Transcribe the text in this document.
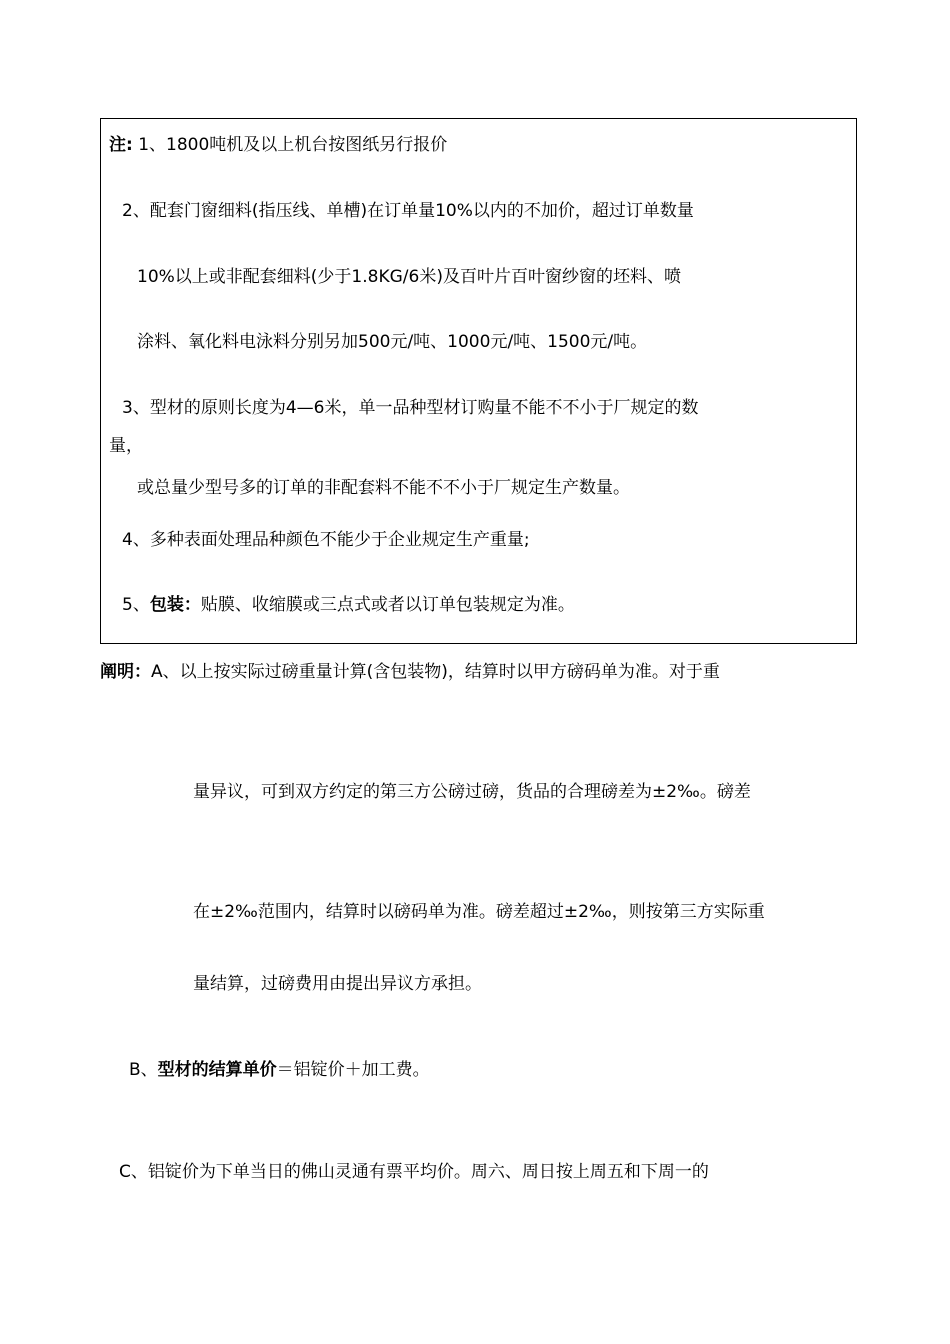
注: 1、1800吨机及以上机台按图纸另行报价
2、配套门窗细料(指压线、单槽)在订单量10%以内的不加价，超过订单数量
10%以上或非配套细料(少于1.8KG/6米)及百叶片百叶窗纱窗的坯料、喷
涂料、氧化料电泳料分别另加500元/吨、1000元/吨、1500元/吨。
3、型材的原则长度为4—6米，单一品种型材订购量不能不不小于厂规定的数
量，
或总量少型号多的订单的非配套料不能不不小于厂规定生产数量。
4、多种表面处理品种颜色不能少于企业规定生产重量;
5、包装：贴膜、收缩膜或三点式或者以订单包装规定为准。
阐明：A、以上按实际过磅重量计算(含包装物)，结算时以甲方磅码单为准。对于重
量异议，可到双方约定的第三方公磅过磅，货品的合理磅差为±2‰。磅差
在±2‰范围内，结算时以磅码单为准。磅差超过±2‰，则按第三方实际重
量结算，过磅费用由提出异议方承担。
B、型材的结算单价＝铝锭价＋加工费。
C、铝锭价为下单当日的佛山灵通有票平均价。周六、周日按上周五和下周一的
